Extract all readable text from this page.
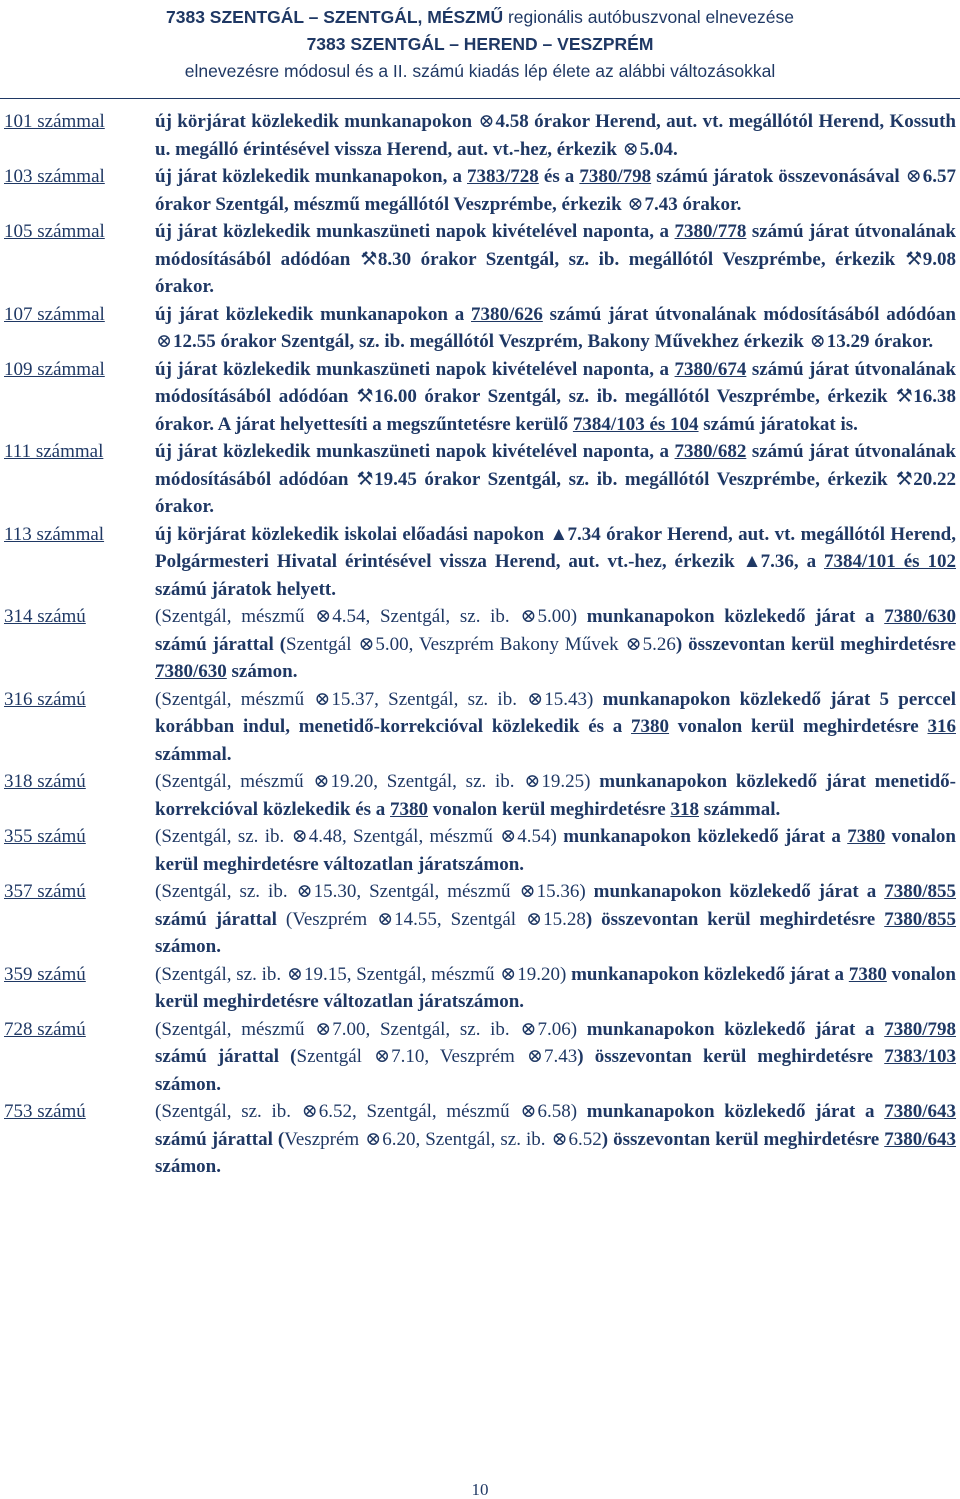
7383 SZENTGÁL – SZENTGÁL, MÉSZMŰ regionális autóbuszvonal elnevezése
7383 SZENTGÁL – HEREND – VESZPRÉM
elnevezésre módosul és a II. számú kiadás lép élete az alábbi változásokkal
101 számmal	új körjárat közlekedik munkanapokon ⊗4.58 órakor Herend, aut. vt. megállótól Herend, Kossuth u. megálló érintésével vissza Herend, aut. vt.-hez, érkezik ⊗5.04.
103 számmal	új járat közlekedik munkanapokon, a 7383/728 és a 7380/798 számú járatok összevonásával ⊗6.57 órakor Szentgál, mészmű megállótól Veszprémbe, érkezik ⊗7.43 órakor.
105 számmal	új járat közlekedik munkaszüneti napok kivételével naponta, a 7380/778 számú járat útvonalának módosításából adódóan ⚒8.30 órakor Szentgál, sz. ib. megállótól Veszprémbe, érkezik ⚒9.08 órakor.
107 számmal	új járat közlekedik munkanapokon a 7380/626 számú járat útvonalának módosításából adódóan ⊗12.55 órakor Szentgál, sz. ib. megállótól Veszprém, Bakony Művekhez érkezik ⊗13.29 órakor.
109 számmal	új járat közlekedik munkaszüneti napok kivételével naponta, a 7380/674 számú járat útvonalának módosításából adódóan ⚒16.00 órakor Szentgál, sz. ib. megállótól Veszprémbe, érkezik ⚒16.38 órakor. A járat helyettesíti a megszűntetésre kerülő 7384/103 és 104 számú járatokat is.
111 számmal	új járat közlekedik munkaszüneti napok kivételével naponta, a 7380/682 számú járat útvonalának módosításából adódóan ⚒19.45 órakor Szentgál, sz. ib. megállótól Veszprémbe, érkezik ⚒20.22 órakor.
113 számmal	új körjárat közlekedik iskolai előadási napokon ▲7.34 órakor Herend, aut. vt. megállótól Herend, Polgármesteri Hivatal érintésével vissza Herend, aut. vt.-hez, érkezik ▲7.36, a 7384/101 és 102 számú járatok helyett.
314 számú	(Szentgál, mészmű ⊗4.54, Szentgál, sz. ib. ⊗5.00) munkanapokon közlekedő járat a 7380/630 számú járattal (Szentgál ⊗5.00, Veszprém Bakony Művek ⊗5.26) összevontan kerül meghirdetésre 7380/630 számon.
316 számú	(Szentgál, mészmű ⊗15.37, Szentgál, sz. ib. ⊗15.43) munkanapokon közlekedő járat 5 perccel korábban indul, menetidő-korrekcióval közlekedik és a 7380 vonalon kerül meghirdetésre 316 számmal.
318 számú	(Szentgál, mészmű ⊗19.20, Szentgál, sz. ib. ⊗19.25) munkanapokon közlekedő járat menetidő-korrekcióval közlekedik és a 7380 vonalon kerül meghirdetésre 318 számmal.
355 számú	(Szentgál, sz. ib. ⊗4.48, Szentgál, mészmű ⊗4.54) munkanapokon közlekedő járat a 7380 vonalon kerül meghirdetésre változatlan járatszámon.
357 számú	(Szentgál, sz. ib. ⊗15.30, Szentgál, mészmű ⊗15.36) munkanapokon közlekedő járat a 7380/855 számú járattal (Veszprém ⊗14.55, Szentgál ⊗15.28) összevontan kerül meghirdetésre 7380/855 számon.
359 számú	(Szentgál, sz. ib. ⊗19.15, Szentgál, mészmű ⊗19.20) munkanapokon közlekedő járat a 7380 vonalon kerül meghirdetésre változatlan járatszámon.
728 számú	(Szentgál, mészmű ⊗7.00, Szentgál, sz. ib. ⊗7.06) munkanapokon közlekedő járat a 7380/798 számú járattal (Szentgál ⊗7.10, Veszprém ⊗7.43) összevontan kerül meghirdetésre 7383/103 számon.
753 számú	(Szentgál, sz. ib. ⊗6.52, Szentgál, mészmű ⊗6.58) munkanapokon közlekedő járat a 7380/643 számú járattal (Veszprém ⊗6.20, Szentgál, sz. ib. ⊗6.52) összevontan kerül meghirdetésre 7380/643 számon.
10
